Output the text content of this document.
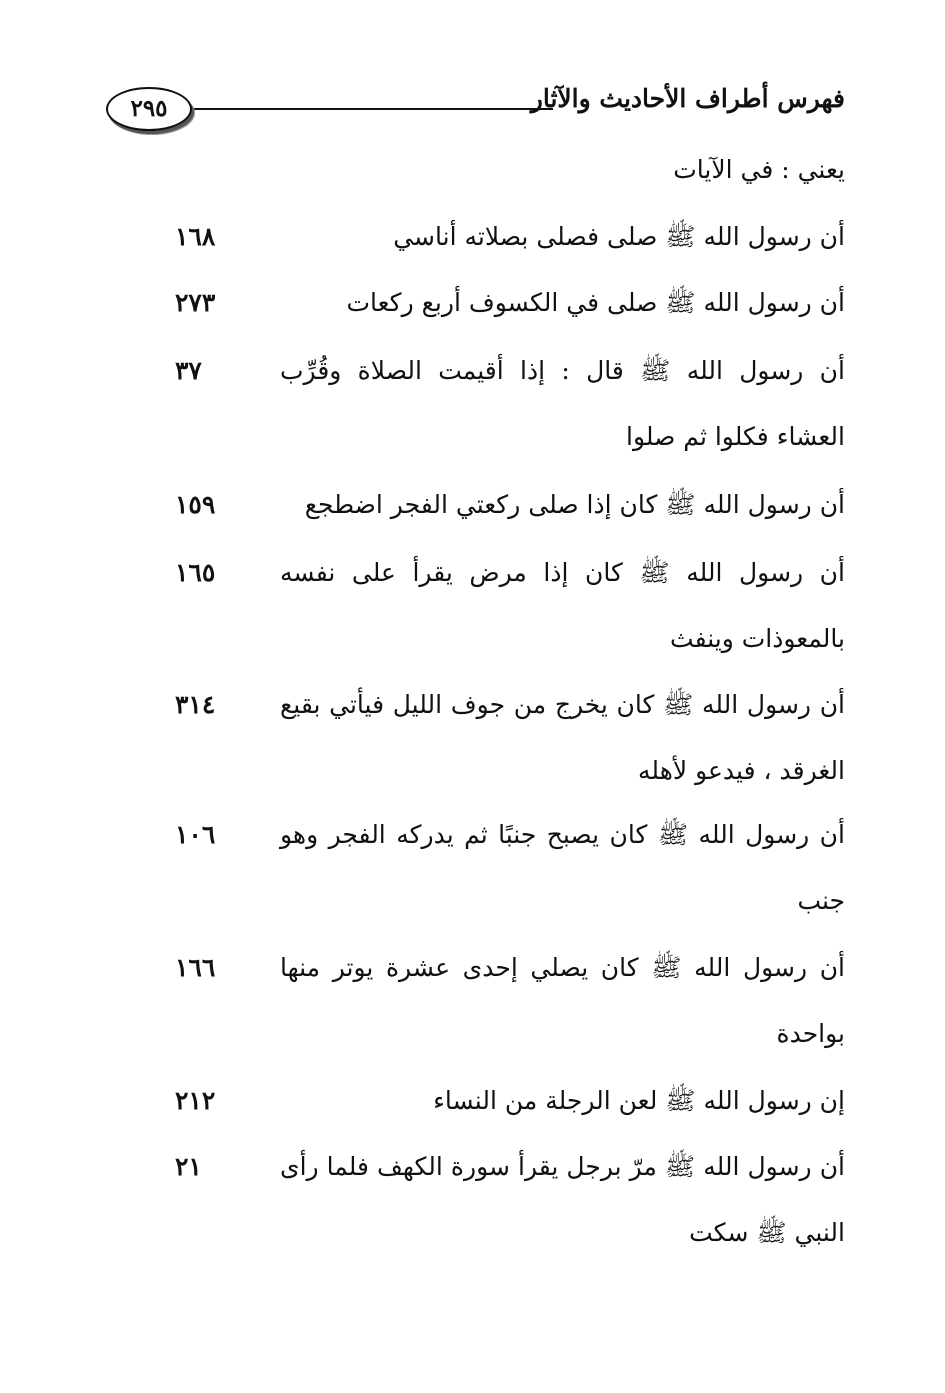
فهرس أطراف الأحاديث والآثار
٢٩٥
يعني : في الآيات
أن رسول الله ﷺ صلى فصلى بصلاته أناسي
١٦٨
أن رسول الله ﷺ صلى في الكسوف أربع ركعات
٢٧٣
أن رسول الله ﷺ قال : إذا أقيمت الصلاة وقُرِّب العشاء فكلوا ثم صلوا
٣٧
أن رسول الله ﷺ كان إذا صلى ركعتي الفجر اضطجع
١٥٩
أن رسول الله ﷺ كان إذا مرض يقرأ على نفسه بالمعوذات وينفث
١٦٥
أن رسول الله ﷺ كان يخرج من جوف الليل فيأتي بقيع الغرقد ، فيدعو لأهله
٣١٤
أن رسول الله ﷺ كان يصبح جنبًا ثم يدركه الفجر وهو جنب
١٠٦
أن رسول الله ﷺ كان يصلي إحدى عشرة يوتر منها بواحدة
١٦٦
إن رسول الله ﷺ لعن الرجلة من النساء
٢١٢
أن رسول الله ﷺ مرّ برجل يقرأ سورة الكهف فلما رأى النبي ﷺ سكت
٢١
